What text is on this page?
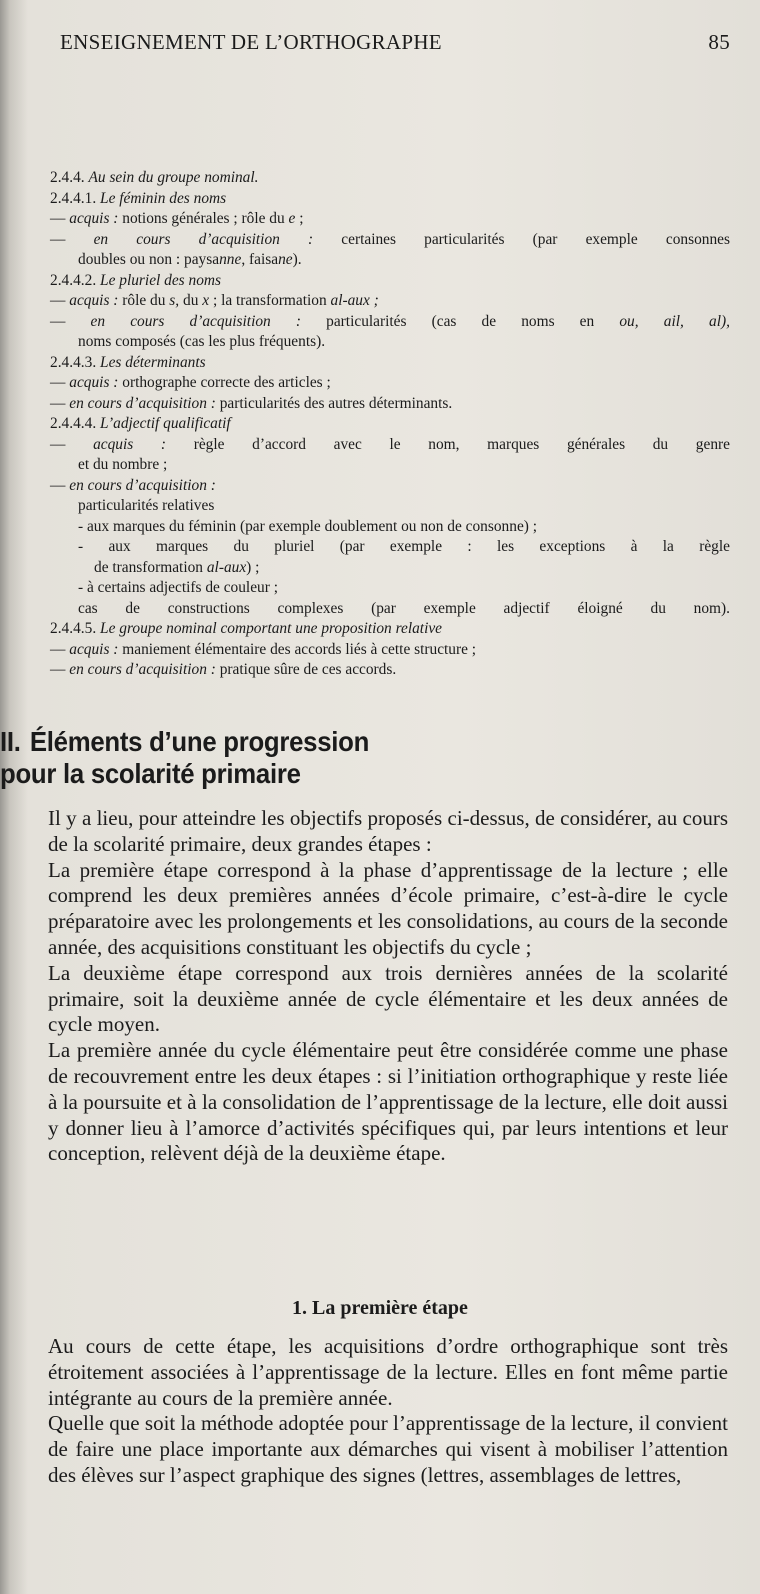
ENSEIGNEMENT DE L’ORTHOGRAPHE	85
2.4.4. Au sein du groupe nominal.
2.4.4.1. Le féminin des noms
— acquis : notions générales ; rôle du e ;
— en cours d’acquisition : certaines particularités (par exemple consonnes
doubles ou non : paysanne, faisane).
2.4.4.2. Le pluriel des noms
— acquis : rôle du s, du x ; la transformation al-aux ;
— en cours d’acquisition : particularités (cas de noms en ou, ail, al),
noms composés (cas les plus fréquents).
2.4.4.3. Les déterminants
— acquis : orthographe correcte des articles ;
— en cours d’acquisition : particularités des autres déterminants.
2.4.4.4. L’adjectif qualificatif
— acquis : règle d’accord avec le nom, marques générales du genre
et du nombre ;
— en cours d’acquisition :
particularités relatives
- aux marques du féminin (par exemple doublement ou non de consonne) ;
- aux marques du pluriel (par exemple : les exceptions à la règle
de transformation al-aux) ;
- à certains adjectifs de couleur ;
cas de constructions complexes (par exemple adjectif éloigné du nom).
2.4.4.5. Le groupe nominal comportant une proposition relative
— acquis : maniement élémentaire des accords liés à cette structure ;
— en cours d’acquisition : pratique sûre de ces accords.
II. Éléments d’une progression
pour la scolarité primaire

Il y a lieu, pour atteindre les objectifs proposés ci-dessus, de considérer, au cours de la scolarité primaire, deux grandes étapes :

La première étape correspond à la phase d’apprentissage de la lecture ; elle comprend les deux premières années d’école primaire, c’est-à-dire le cycle préparatoire avec les prolongements et les consolidations, au cours de la seconde année, des acquisitions constituant les objectifs du cycle ;

La deuxième étape correspond aux trois dernières années de la scolarité primaire, soit la deuxième année de cycle élémentaire et les deux années de cycle moyen.

La première année du cycle élémentaire peut être considérée comme une phase de recouvrement entre les deux étapes : si l’initiation orthographique y reste liée à la poursuite et à la consolidation de l’apprentissage de la lecture, elle doit aussi y donner lieu à l’amorce d’activités spécifiques qui, par leurs intentions et leur conception, relèvent déjà de la deuxième étape.

1. La première étape

Au cours de cette étape, les acquisitions d’ordre orthographique sont très étroitement associées à l’apprentissage de la lecture. Elles en font même partie intégrante au cours de la première année.

Quelle que soit la méthode adoptée pour l’apprentissage de la lecture, il convient de faire une place importante aux démarches qui visent à mobiliser l’attention des élèves sur l’aspect graphique des signes (lettres, assemblages de lettres,
